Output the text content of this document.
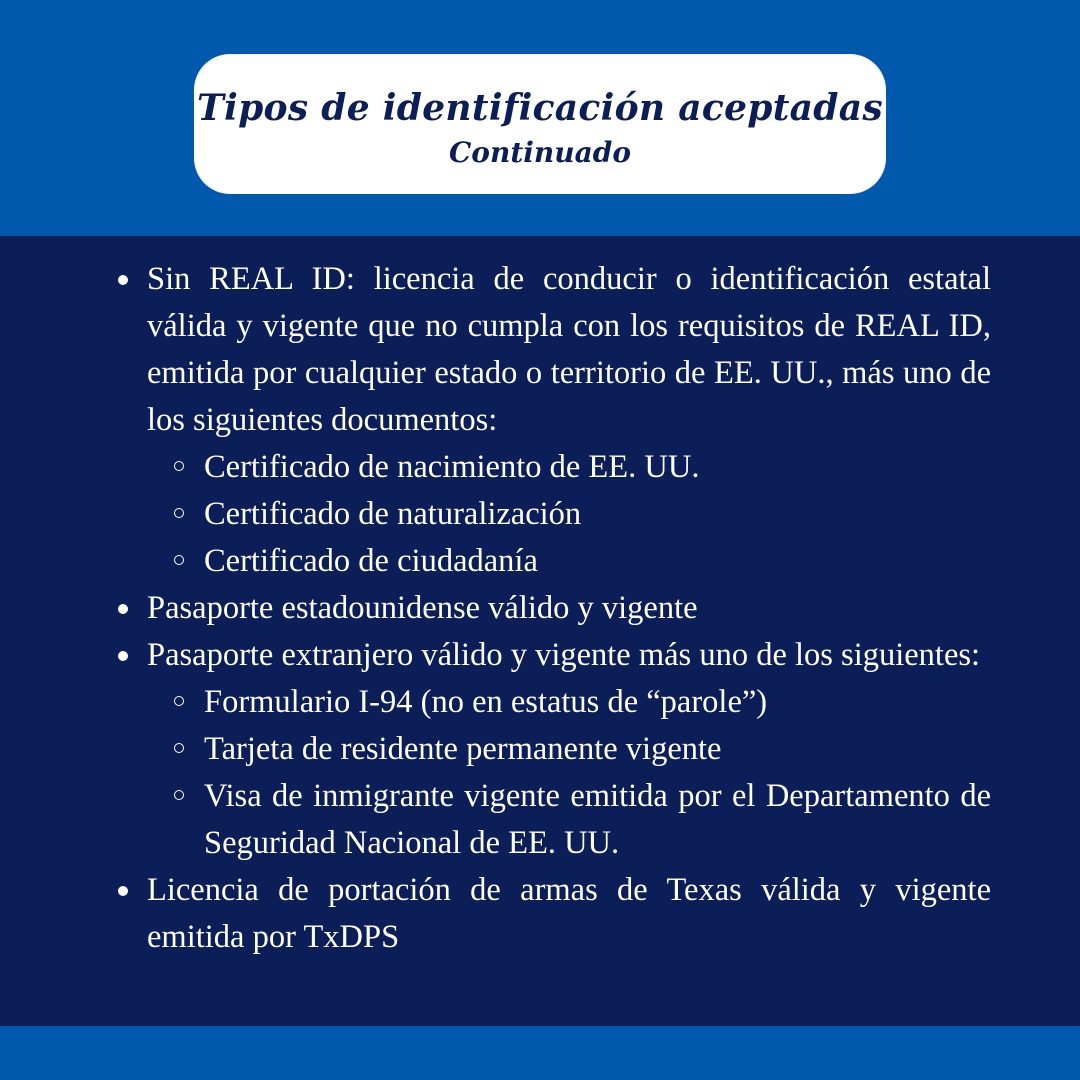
Tipos de identificación aceptadas
Continuado
Sin REAL ID: licencia de conducir o identificación estatal válida y vigente que no cumpla con los requisitos de REAL ID, emitida por cualquier estado o territorio de EE. UU., más uno de los siguientes documentos:
Certificado de nacimiento de EE. UU.
Certificado de naturalización
Certificado de ciudadanía
Pasaporte estadounidense válido y vigente
Pasaporte extranjero válido y vigente más uno de los siguientes:
Formulario I-94 (no en estatus de “parole”)
Tarjeta de residente permanente vigente
Visa de inmigrante vigente emitida por el Departamento de Seguridad Nacional de EE. UU.
Licencia de portación de armas de Texas válida y vigente emitida por TxDPS
